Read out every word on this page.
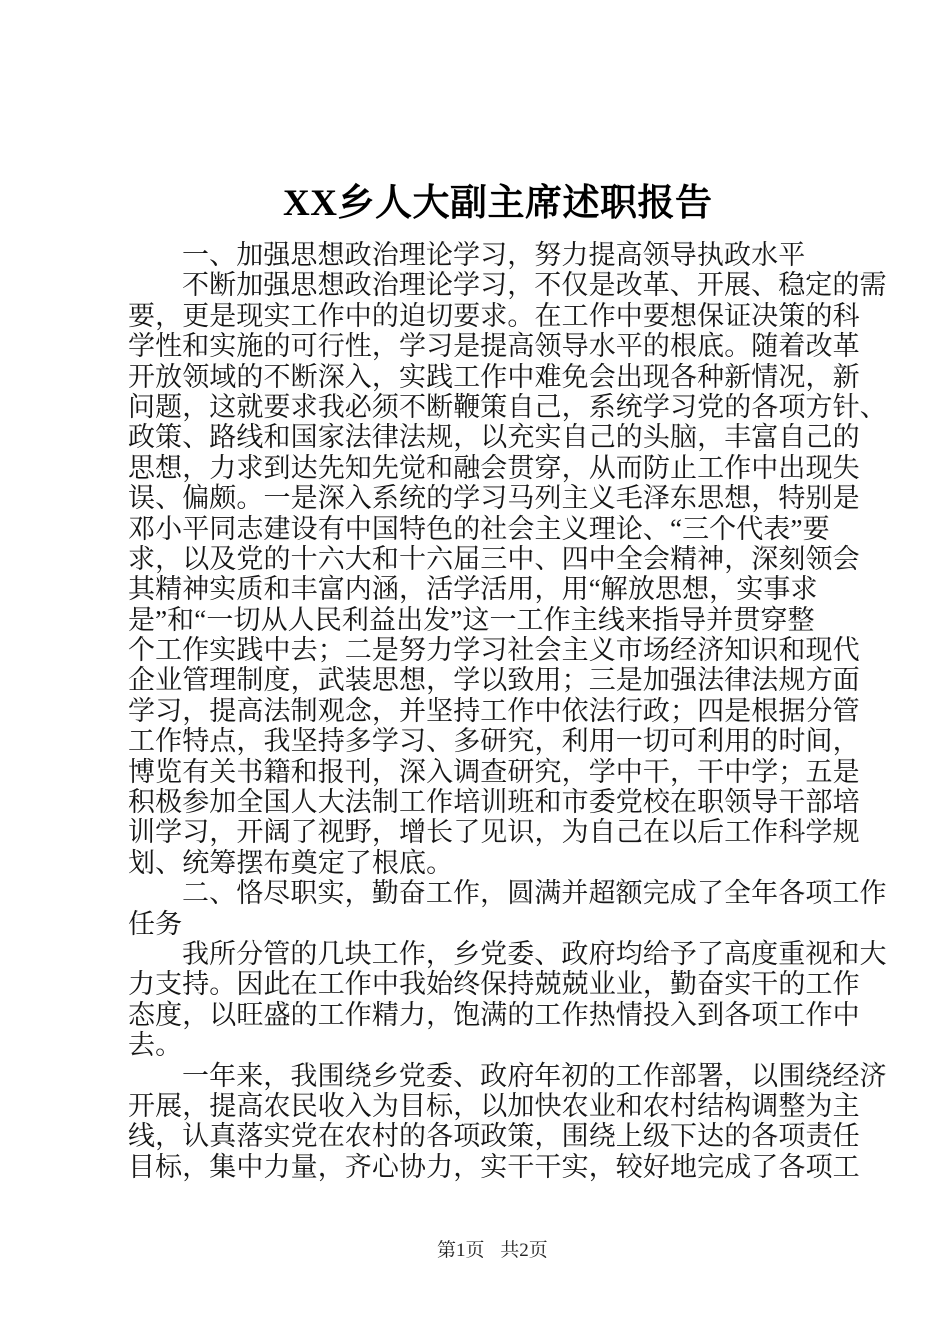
XX乡人大副主席述职报告
一、加强思想政治理论学习，努力提高领导执政水平
不断加强思想政治理论学习，不仅是改革、开展、稳定的需
要，更是现实工作中的迫切要求。在工作中要想保证决策的科
学性和实施的可行性，学习是提高领导水平的根底。随着改革
开放领域的不断深入，实践工作中难免会出现各种新情况，新
问题，这就要求我必须不断鞭策自己，系统学习党的各项方针、
政策、路线和国家法律法规，以充实自己的头脑，丰富自己的
思想，力求到达先知先觉和融会贯穿，从而防止工作中出现失
误、偏颇。一是深入系统的学习马列主义毛泽东思想，特别是
邓小平同志建设有中国特色的社会主义理论、“三个代表”要
求，以及党的十六大和十六届三中、四中全会精神，深刻领会
其精神实质和丰富内涵，活学活用，用“解放思想，实事求
是”和“一切从人民利益出发”这一工作主线来指导并贯穿整
个工作实践中去；二是努力学习社会主义市场经济知识和现代
企业管理制度，武装思想，学以致用；三是加强法律法规方面
学习，提高法制观念，并坚持工作中依法行政；四是根据分管
工作特点，我坚持多学习、多研究，利用一切可利用的时间，
博览有关书籍和报刊，深入调查研究，学中干，干中学；五是
积极参加全国人大法制工作培训班和市委党校在职领导干部培
训学习，开阔了视野，增长了见识，为自己在以后工作科学规
划、统筹摆布奠定了根底。
二、恪尽职实，勤奋工作，圆满并超额完成了全年各项工作
任务
我所分管的几块工作，乡党委、政府均给予了高度重视和大
力支持。因此在工作中我始终保持兢兢业业，勤奋实干的工作
态度，以旺盛的工作精力，饱满的工作热情投入到各项工作中
去。
一年来，我围绕乡党委、政府年初的工作部署，以围绕经济
开展，提高农民收入为目标，以加快农业和农村结构调整为主
线，认真落实党在农村的各项政策，围绕上级下达的各项责任
目标，集中力量，齐心协力，实干干实，较好地完成了各项工
第1页 共2页
